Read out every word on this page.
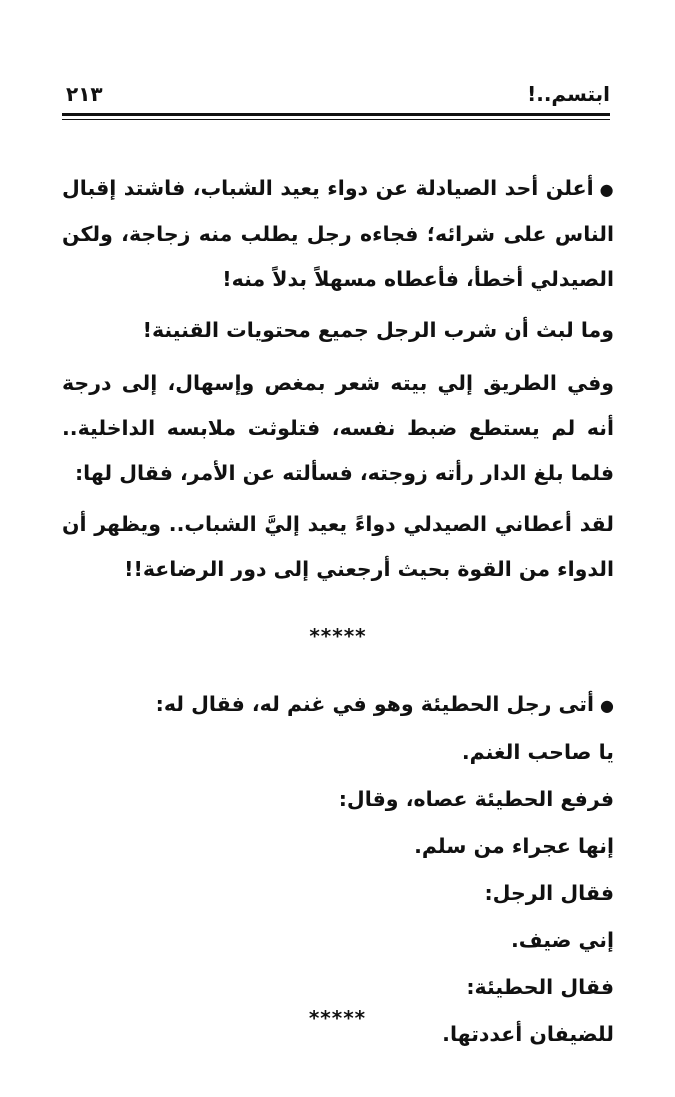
ابتسم..!
٢١٣

●أعلن أحد الصيادلة عن دواء يعيد الشباب، فاشتد إقبال الناس على شرائه؛ فجاءه رجل يطلب منه زجاجة، ولكن الصيدلي أخطأ، فأعطاه مسهلاً بدلاً منه!

وما لبث أن شرب الرجل جميع محتويات القنينة!

وفي الطريق إلي بيته شعر بمغص وإسهال، إلى درجة أنه لم يستطع ضبط نفسه، فتلوثت ملابسه الداخلية.. فلما بلغ الدار رأته زوجته، فسألته عن الأمر، فقال لها:

لقد أعطاني الصيدلي دواءً يعيد إليَّ الشباب.. ويظهر أن الدواء من القوة بحيث أرجعني إلى دور الرضاعة!!

*****

●أتى رجل الحطيئة وهو في غنم له، فقال له:

يا صاحب الغنم.

فرفع الحطيئة عصاه، وقال:

إنها عجراء من سلم.

فقال الرجل:

إني ضيف.

فقال الحطيئة:

للضيفان أعددتها.

*****
